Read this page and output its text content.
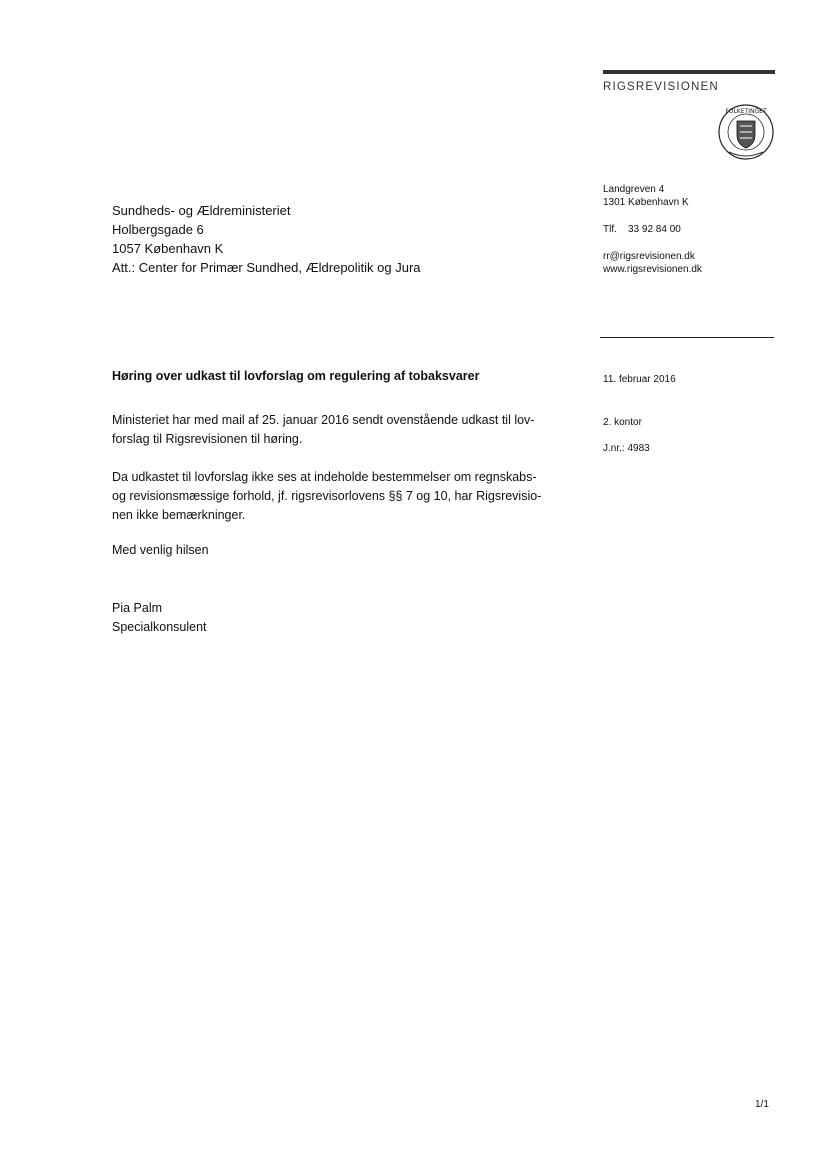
RIGSREVISIONEN
FOLKETINGET
Landgreven 4
1301 København K
Tlf.    33 92 84 00
rr@rigsrevisionen.dk
www.rigsrevisionen.dk
Sundheds- og Ældreministeriet
Holbergsgade 6
1057 København K
Att.: Center for Primær Sundhed, Ældrepolitik og Jura
11. februar 2016
2. kontor
J.nr.: 4983
Høring over udkast til lovforslag om regulering af tobaksvarer
Ministeriet har med mail af 25. januar 2016 sendt ovenstående udkast til lov-
forslag til Rigsrevisionen til høring.
Da udkastet til lovforslag ikke ses at indeholde bestemmelser om regnskabs-
og revisionsmæssige forhold, jf. rigsrevisorlovens §§ 7 og 10, har Rigsrevisio-
nen ikke bemærkninger.
Med venlig hilsen
Pia Palm
Specialkonsulent
1/1
